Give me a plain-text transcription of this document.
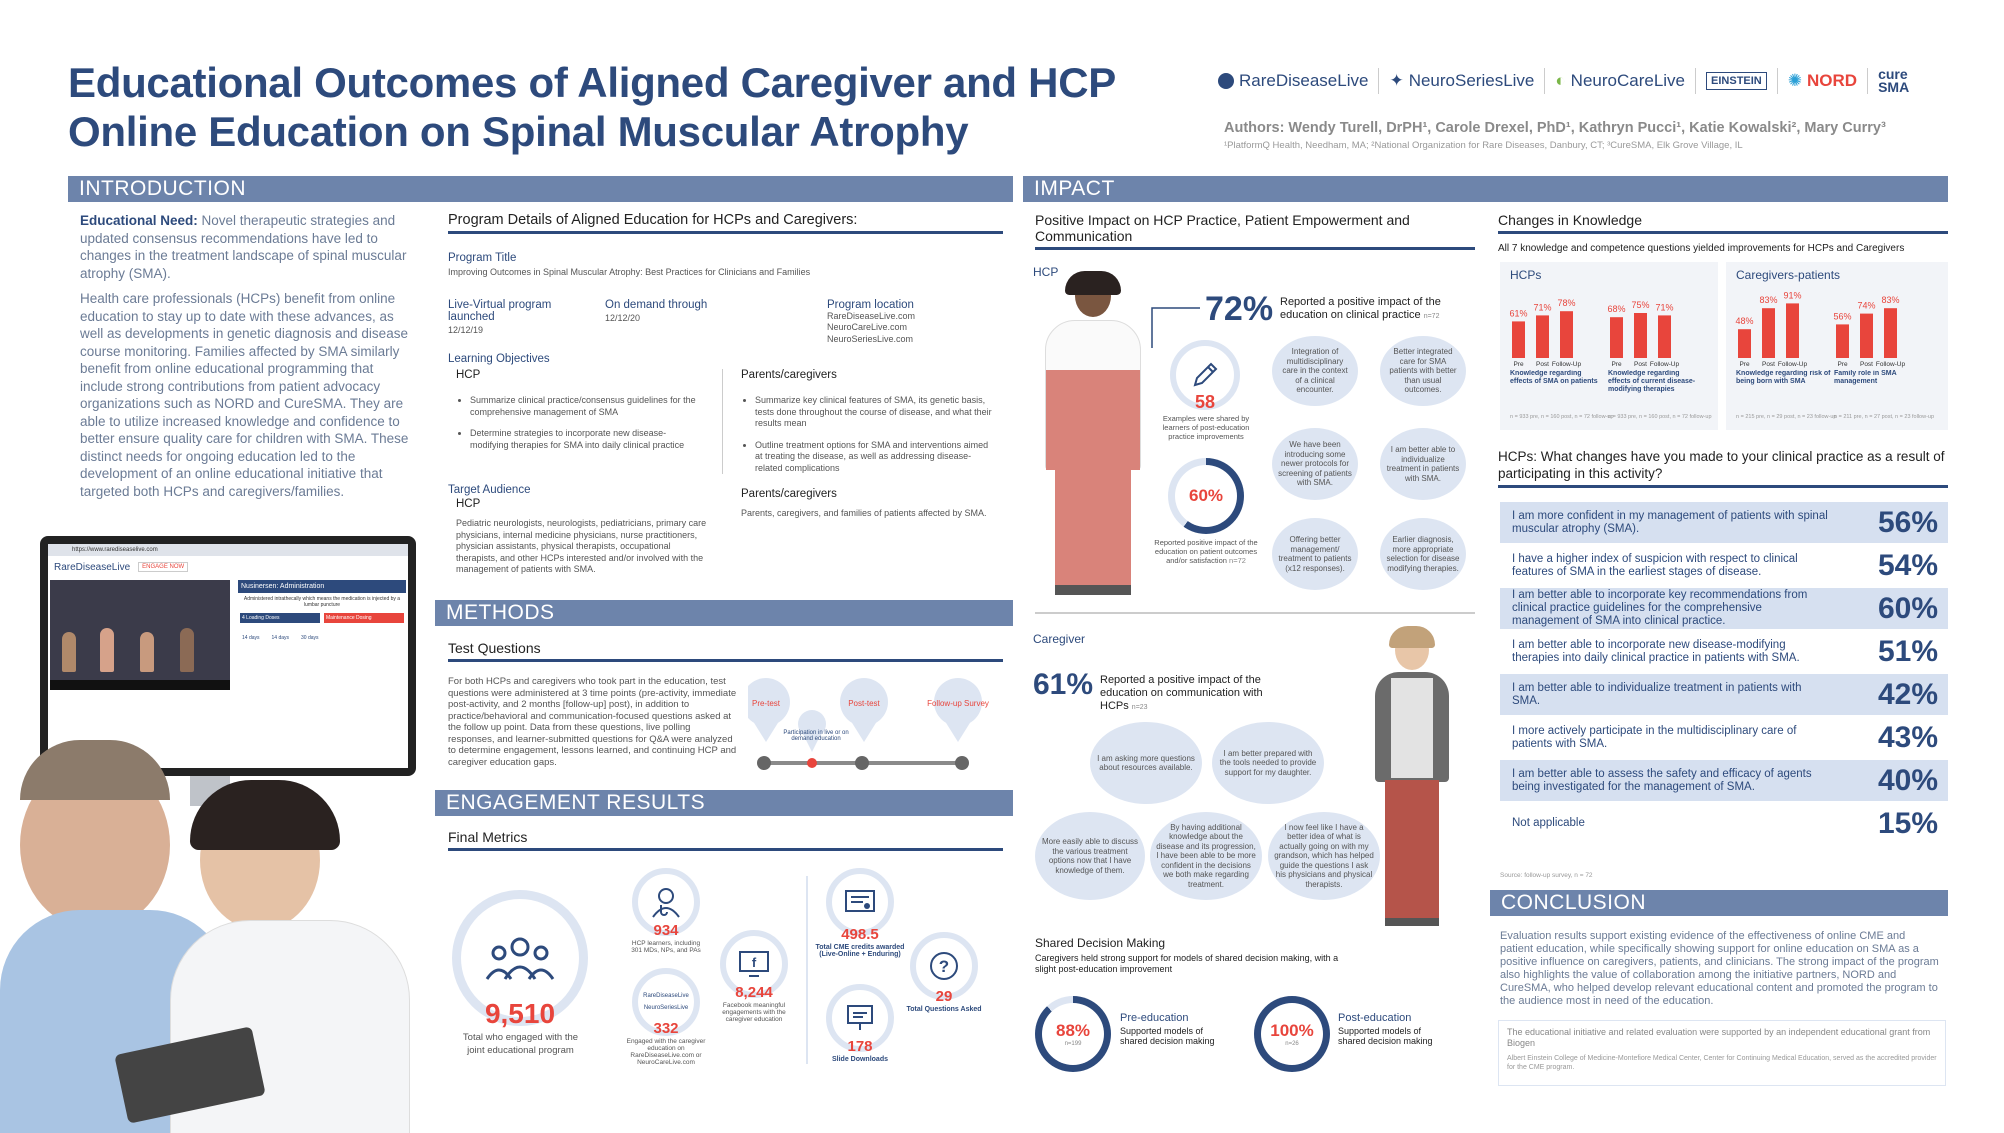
Educational Outcomes of Aligned Caregiver and HCP
Online Education on Spinal Muscular Atrophy
RareDiseaseLive ✦ NeuroSeriesLive ◐ NeuroCareLive EINSTEIN ✺ NORD cure SMA
Authors: Wendy Turell, DrPH¹, Carole Drexel, PhD¹, Kathryn Pucci¹, Katie Kowalski², Mary Curry³
¹PlatformQ Health, Needham, MA; ²National Organization for Rare Diseases, Danbury, CT; ³CureSMA, Elk Grove Village, IL
INTRODUCTION

Educational Need: Novel therapeutic strategies and updated consensus recommendations have led to changes in the treatment landscape of spinal muscular atrophy (SMA).

Health care professionals (HCPs) benefit from online education to stay up to date with these advances, as well as developments in genetic diagnosis and disease course monitoring. Families affected by SMA similarly benefit from online educational programming that include strong contributions from patient advocacy organizations such as NORD and CureSMA. They are able to utilize increased knowledge and confidence to better ensure quality care for children with SMA. These distinct needs for ongoing education led to the development of an online educational initiative that targeted both HCPs and caregivers/families.

https://www.rarediseaselive.com
RareDiseaseLive	ENGAGE NOW
Nusinersen: Administration
Administered intrathecally which means the medication is injected by a lumbar puncture
4 Loading Doses	Maintenance Dosing
14 days 14 days 30 days
Program Details of Aligned Education for HCPs and Caregivers:
Program Title
Improving Outcomes in Spinal Muscular Atrophy: Best Practices for Clinicians and Families
Live-Virtual program launched
12/12/19
On demand through
12/12/20
Program location
RareDiseaseLive.com
NeuroCareLive.com
NeuroSeriesLive.com
Learning Objectives
HCP
• Summarize clinical practice/consensus guidelines for the comprehensive management of SMA
• Determine strategies to incorporate new disease-modifying therapies for SMA into daily clinical practice
Parents/caregivers
• Summarize key clinical features of SMA, its genetic basis, tests done throughout the course of disease, and what their results mean
• Outline treatment options for SMA and interventions aimed at treating the disease, as well as addressing disease-related complications
Target Audience
HCP
Pediatric neurologists, neurologists, pediatricians, primary care physicians, internal medicine physicians, nurse practitioners, physician assistants, physical therapists, occupational therapists, and other HCPs interested and/or involved with the management of patients with SMA.
Parents/caregivers
Parents, caregivers, and families of patients affected by SMA.
METHODS
Test Questions
For both HCPs and caregivers who took part in the education, test questions were administered at 3 time points (pre-activity, immediate post-activity, and 2 months [follow-up] post), in addition to practice/behavioral and communication-focused questions asked at the follow up point. Data from these questions, live polling responses, and learner-submitted questions for Q&A were analyzed to determine engagement, lessons learned, and continuing HCP and caregiver education gaps.
Pre-test	Post-test	Follow-up Survey
Participation in live or on demand education
ENGAGEMENT RESULTS
Final Metrics
9,510
Total who engaged with the joint educational program
934
HCP learners, including 301 MDs, NPs, and PAs
RareDiseaseLive
NeuroSeriesLive
332
Engaged with the caregiver education on RareDiseaseLive.com or NeuroCareLive.com
f
8,244
Facebook meaningful engagements with the caregiver education
498.5
Total CME credits awarded (Live-Online + Enduring)
?
29
Total Questions Asked
178
Slide Downloads
IMPACT
Positive Impact on HCP Practice, Patient Empowerment and Communication
HCP
72% Reported a positive impact of the education on clinical practice n=72
58
Examples were shared by learners of post-education practice improvements
60%
Reported positive impact of the education on patient outcomes and/or satisfaction n=72
Integration of multidisciplinary care in the context of a clinical encounter.
Better integrated care for SMA patients with better than usual outcomes.
We have been introducing some newer protocols for screening of patients with SMA.
I am better able to individualize treatment in patients with SMA.
Offering better management/ treatment to patients (x12 responses).
Earlier diagnosis, more appropriate selection for disease modifying therapies.
Caregiver
61% Reported a positive impact of the education on communication with HCPs n=23
I am asking more questions about resources available.
I am better prepared with the tools needed to provide support for my daughter.
More easily able to discuss the various treatment options now that I have knowledge of them.
By having additional knowledge about the disease and its progression, I have been able to be more confident in the decisions we both make regarding treatment.
I now feel like I have a better idea of what is actually going on with my grandson, which has helped guide the questions I ask his physicians and physical therapists.
Shared Decision Making
Caregivers held strong support for models of shared decision making, with a slight post-education improvement
88%
n=199
Pre-education
Supported models of shared decision making
100%
n=26
Post-education
Supported models of shared decision making
Changes in Knowledge
All 7 knowledge and competence questions yielded improvements for HCPs and Caregivers
HCPs
61%
Pre
71%
Post
78%
Follow-Up
Knowledge regarding effects of SMA on patients
n = 933 pre, n = 160 post, n = 72 follow-up
68%
Pre
75%
Post
71%
Follow-Up
Knowledge regarding effects of current disease-modifying therapies
n = 933 pre, n = 160 post, n = 72 follow-up
Caregivers-patients
48%
Pre
83%
Post
91%
Follow-Up
Knowledge regarding risk of being born with SMA
n = 215 pre, n = 29 post, n = 23 follow-up
56%
Pre
74%
Post
83%
Follow-Up
Family role in SMA management
n = 211 pre, n = 27 post, n = 23 follow-up
HCPs: What changes have you made to your clinical practice as a result of participating in this activity?
I am more confident in my management of patients with spinal muscular atrophy (SMA).	56%
I have a higher index of suspicion with respect to clinical features of SMA in the earliest stages of disease.	54%
I am better able to incorporate key recommendations from clinical practice guidelines for the comprehensive management of SMA into clinical practice.	60%
I am better able to incorporate new disease-modifying therapies into daily clinical practice in patients with SMA.	51%
I am better able to individualize treatment in patients with SMA.	42%
I more actively participate in the multidisciplinary care of patients with SMA.	43%
I am better able to assess the safety and efficacy of agents being investigated for the management of SMA.	40%
Not applicable	15%
Source: follow-up survey, n = 72
CONCLUSION
Evaluation results support existing evidence of the effectiveness of online CME and patient education, while specifically showing support for online education on SMA as a positive influence on caregivers, patients, and clinicians. The strong impact of the program also highlights the value of collaboration among the initiative partners, NORD and CureSMA, who helped develop relevant educational content and promoted the program to the audience most in need of the education.
The educational initiative and related evaluation were supported by an independent educational grant from Biogen
Albert Einstein College of Medicine-Montefiore Medical Center, Center for Continuing Medical Education, served as the accredited provider for the CME program.
